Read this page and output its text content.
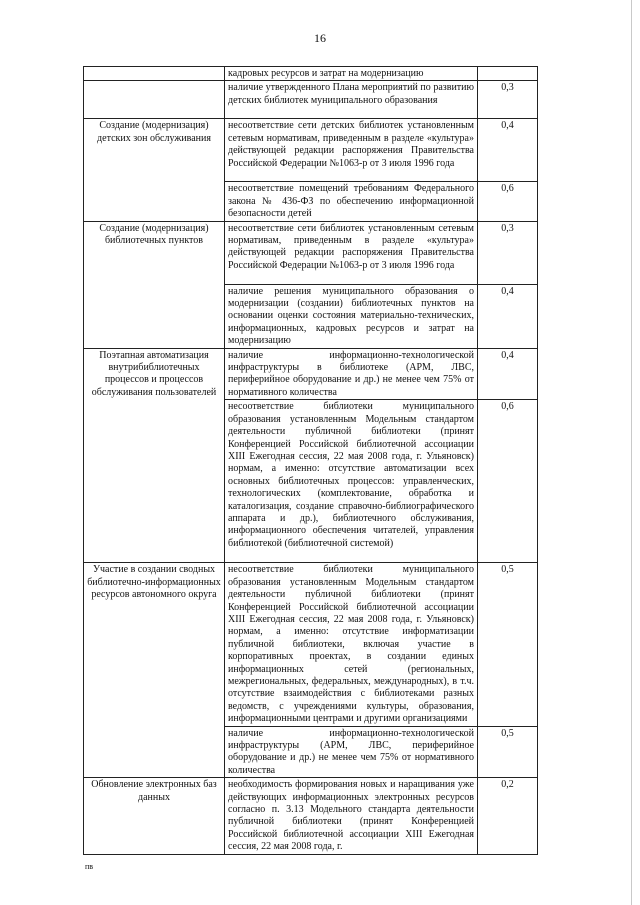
16
	кадровых ресурсов и затрат на модернизацию	
	наличие утвержденного Плана мероприятий по развитию детских библиотек муниципального образования	0,3
Создание (модернизация) детских зон обслуживания	несоответствие сети детских библиотек установленным сетевым нормативам, приведенным в разделе «культура» действующей редакции распоряжения Правительства Российской Федерации №1063-р от 3 июля 1996 года	0,4
	несоответствие помещений требованиям Федерального закона № 436-ФЗ по обеспечению информационной безопасности детей	0,6
Создание (модернизация) библиотечных пунктов	несоответствие сети библиотек установленным сетевым нормативам, приведенным в разделе «культура» действующей редакции распоряжения Правительства Российской Федерации №1063-р от 3 июля 1996 года	0,3
	наличие решения муниципального образования о модернизации (создании) библиотечных пунктов на основании оценки состояния материально-технических, информационных, кадровых ресурсов и затрат на модернизацию	0,4
Поэтапная автоматизация внутрибиблиотечных процессов и процессов обслуживания пользователей	наличие информационно-технологической инфраструктуры в библиотеке (АРМ, ЛВС, периферийное оборудование и др.) не менее чем 75% от нормативного количества	0,4
	несоответствие библиотеки муниципального образования установленным Модельным стандартом деятельности публичной библиотеки (принят Конференцией Российской библиотечной ассоциации XIII Ежегодная сессия, 22 мая 2008 года, г. Ульяновск) нормам, а именно: отсутствие автоматизации всех основных библиотечных процессов: управленческих, технологических (комплектование, обработка и каталогизация, создание справочно-библиографического аппарата и др.), библиотечного обслуживания, информационного обеспечения читателей, управления библиотекой (библиотечной системой)	0,6
Участие в создании сводных библиотечно-информационных ресурсов автономного округа	несоответствие библиотеки муниципального образования установленным Модельным стандартом деятельности публичной библиотеки (принят Конференцией Российской библиотечной ассоциации XIII Ежегодная сессия, 22 мая 2008 года, г. Ульяновск) нормам, а именно: отсутствие информатизации публичной библиотеки, включая участие в корпоративных проектах, в создании единых информационных сетей (региональных, межрегиональных, федеральных, международных), в т.ч. отсутствие взаимодействия с библиотеками разных ведомств, с учреждениями культуры, образования, информационными центрами и другими организациями	0,5
	наличие информационно-технологической инфраструктуры (АРМ, ЛВС, периферийное оборудование и др.) не менее чем 75% от нормативного количества	0,5
Обновление электронных баз данных	необходимость формирования новых и наращивания уже действующих информационных электронных ресурсов согласно п. 3.13 Модельного стандарта деятельности публичной библиотеки (принят Конференцией Российской библиотечной ассоциации XIII Ежегодная сессия, 22 мая 2008 года, г.	0,2
пв
